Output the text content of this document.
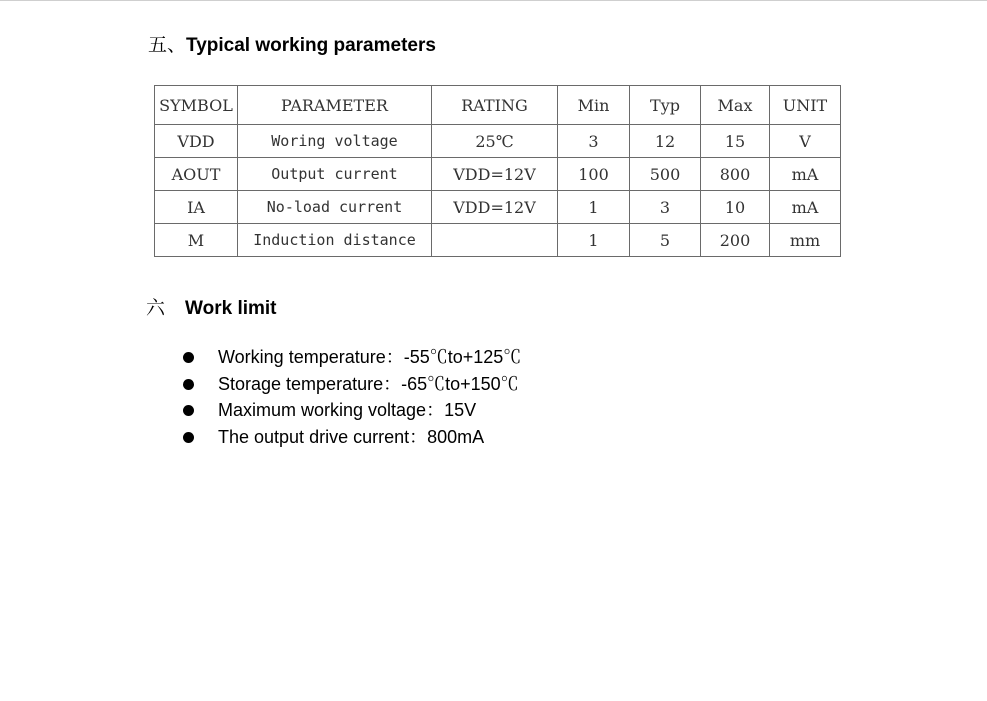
五、Typical working parameters
SYMBOL	PARAMETER	RATING	Min	Typ	Max	UNIT
VDD	Woring voltage	25℃	3	12	15	V
AOUT	Output current	VDD=12V	100	500	800	mA
IA	No-load current	VDD=12V	1	3	10	mA
M	Induction distance		1	5	200	mm
六 Work limit
Working temperature：-55℃to+125℃
Storage temperature：-65℃to+150℃
Maximum working voltage：15V
The output drive current：800mA
